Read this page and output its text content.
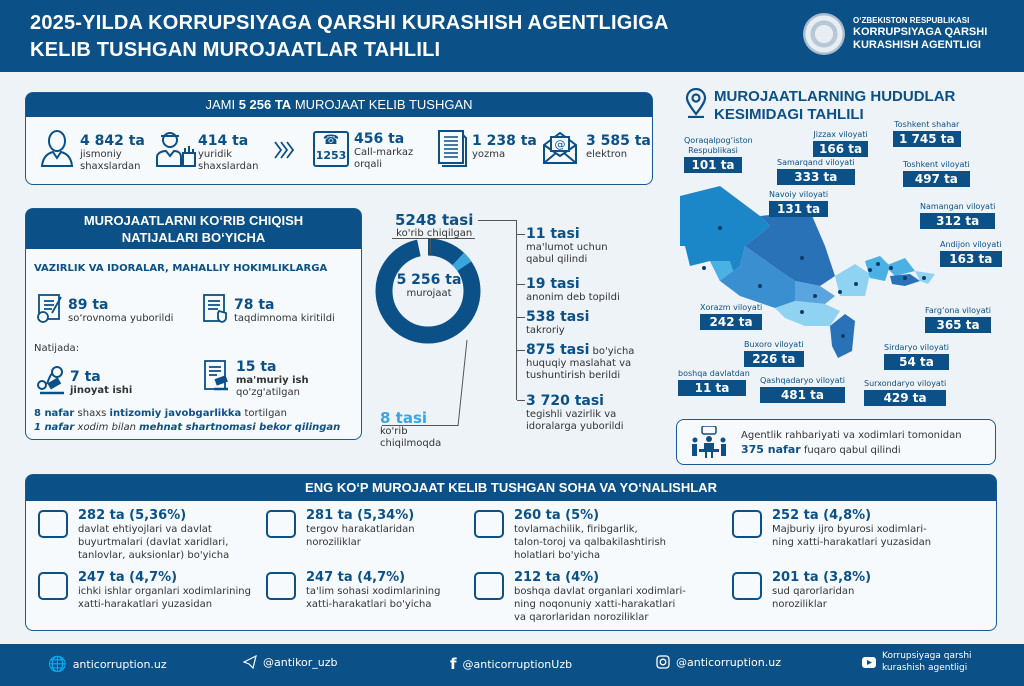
2025-YILDA KORRUPSIYAGA QARSHI KURASHISH AGENTLIGIGA
KELIB TUSHGAN MUROJAATLAR TAHLILI
O‘ZBEKISTON RESPUBLIKASI
KORRUPSIYAGA QARSHI
KURASHISH AGENTLIGI
JAMI 5 256 TA MUROJAAT KELIB TUSHGAN
4 842 ta
jismoniy
shaxslardan
414 ta
yuridik
shaxslardan
☎
1253
456 ta
Call-markaz
orqali
1 238 ta
yozma
@ 3 585 ta
elektron
MUROJAATLARNI KO‘RIB CHIQISH
NATIJALARI BO‘YICHA
VAZIRLIK VA IDORALAR, MAHALLIY HOKIMLIKLARGA
89 ta
so‘rovnoma yuborildi
78 ta
taqdimnoma kiritildi
Natijada:
7 ta
jinoyat ishi
15 ta
ma'muriy ish
qo'zg'atilgan
8 nafar shaxs intizomiy javobgarlikka tortilgan
1 nafar xodim bilan mehnat shartnomasi bekor qilingan
5 256 ta
murojaat
5248 tasi
ko'rib chiqilgan
8 tasi
ko'rib
chiqilmoqda
11 tasi
ma'lumot uchun
qabul qilindi
19 tasi
anonim deb topildi
538 tasi
takroriy
875 tasi bo'yicha
huquqiy maslahat va
tushuntirish berildi
3 720 tasi
tegishli vazirlik va
idoralarga yuborildi
MUROJAATLARNING HUDUDLAR
KESIMIDAGI TAHLILI
Qoraqalpog‘iston Respublikasi
101 ta
Jizzax viloyati
166 ta
Toshkent shahar
1 745 ta
Samarqand viloyati
333 ta
Toshkent viloyati
497 ta
Navoiy viloyati
131 ta	Namangan viloyati
312 ta
Andijon viloyati
163 ta
Xorazm viloyati
242 ta
Farg‘ona viloyati
365 ta
Buxoro viloyati
226 ta
Sirdaryo viloyati
54 ta
boshqa davlatdan
11 ta
Qashqadaryo viloyati
481 ta
Surxondaryo viloyati
429 ta
Agentlik rahbariyati va xodimlari tomonidan
375 nafar fuqaro qabul qilindi
ENG KO‘P MUROJAAT KELIB TUSHGAN SOHA VA YO‘NALISHLAR
282 ta (5,36%)
davlat ehtiyojlari va davlat
buyurtmalari (davlat xaridlari,
tanlovlar, auksionlar) bo'yicha
281 ta (5,34%)
tergov harakatlaridan
noroziliklar
260 ta (5%)
tovlamachilik, firibgarlik,
talon-toroj va qalbakilashtirish
holatlari bo'yicha
252 ta (4,8%)
Majburiy ijro byurosi xodimlari-
ning xatti-harakatlari yuzasidan
247 ta (4,7%)
ichki ishlar organlari xodimlarining
xatti-harakatlari yuzasidan
247 ta (4,7%)
ta'lim sohasi xodimlarining
xatti-harakatlari bo'yicha
212 ta (4%)
boshqa davlat organlari xodimlari-
ning noqonuniy xatti-harakatlari
va qarorlaridan noroziliklar
201 ta (3,8%)
sud qarorlaridan
noroziliklar
🌐 anticorruption.uz	@antikor_uzb	f @anticorruptionUzb	@anticorruption.uz	Korrupsiyaga qarshi
kurashish agentligi
